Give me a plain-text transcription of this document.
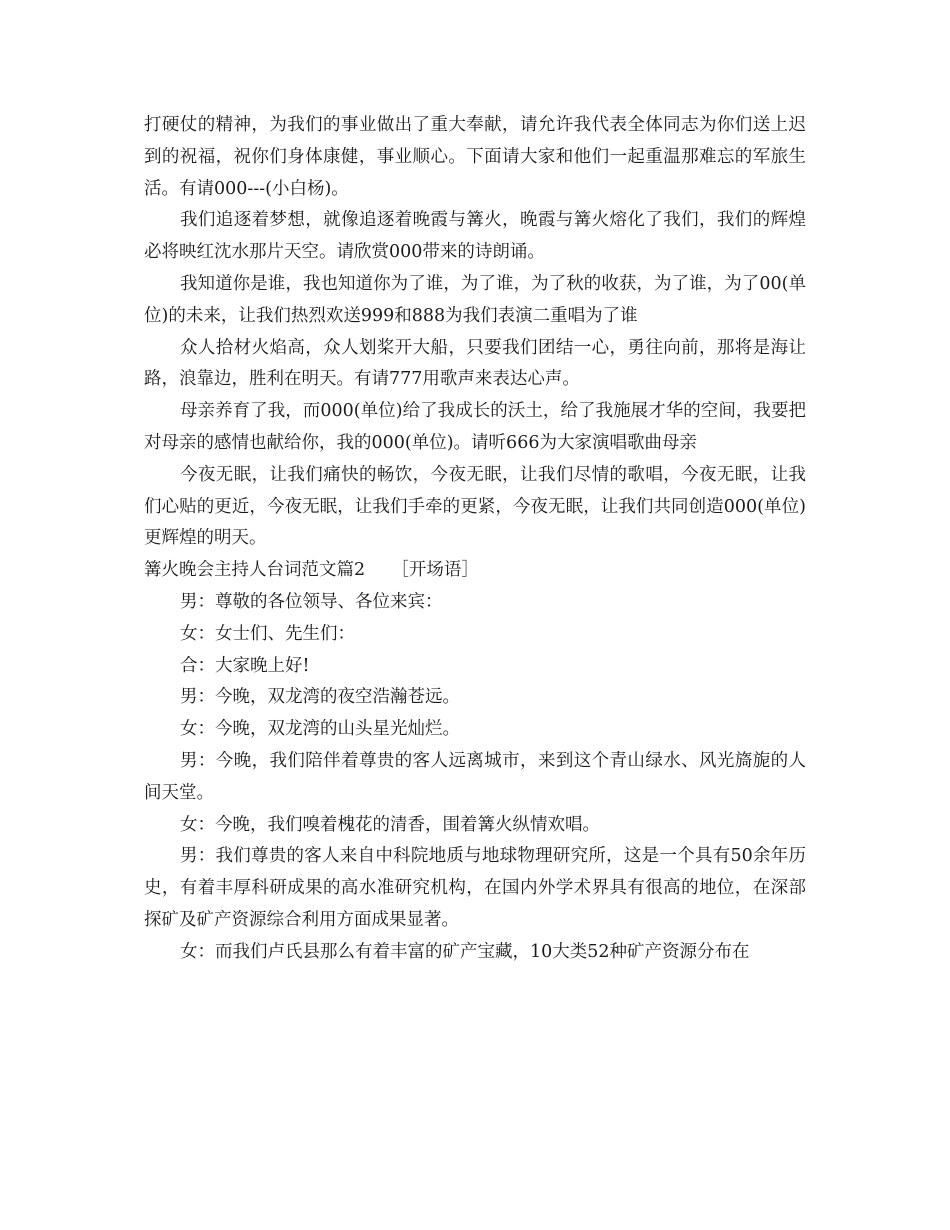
打硬仗的精神，为我们的事业做出了重大奉献，请允许我代表全体同志为你们送上迟到的祝福，祝你们身体康健，事业顺心。下面请大家和他们一起重温那难忘的军旅生活。有请000---(小白杨)。

我们追逐着梦想，就像追逐着晚霞与篝火，晚霞与篝火熔化了我们，我们的辉煌必将映红沈水那片天空。请欣赏000带来的诗朗诵。

我知道你是谁，我也知道你为了谁，为了谁，为了秋的收获，为了谁，为了00(单位)的未来，让我们热烈欢送999和888为我们表演二重唱为了谁

众人拾材火焰高，众人划桨开大船，只要我们团结一心，勇往向前，那将是海让路，浪靠边，胜利在明天。有请777用歌声来表达心声。

母亲养育了我，而000(单位)给了我成长的沃土，给了我施展才华的空间，我要把对母亲的感情也献给你，我的000(单位)。请听666为大家演唱歌曲母亲

今夜无眠，让我们痛快的畅饮，今夜无眠，让我们尽情的歌唱，今夜无眠，让我们心贴的更近，今夜无眠，让我们手牵的更紧，今夜无眠，让我们共同创造000(单位)更辉煌的明天。

篝火晚会主持人台词范文篇2　　［开场语］

男：尊敬的各位领导、各位来宾：

女：女士们、先生们：

合：大家晚上好!

男：今晚，双龙湾的夜空浩瀚苍远。

女：今晚，双龙湾的山头星光灿烂。

男：今晚，我们陪伴着尊贵的客人远离城市，来到这个青山绿水、风光旖旎的人间天堂。

女：今晚，我们嗅着槐花的清香，围着篝火纵情欢唱。

男：我们尊贵的客人来自中科院地质与地球物理研究所，这是一个具有50余年历史，有着丰厚科研成果的高水准研究机构，在国内外学术界具有很高的地位，在深部探矿及矿产资源综合利用方面成果显著。

女：而我们卢氏县那么有着丰富的矿产宝藏，10大类52种矿产资源分布在
